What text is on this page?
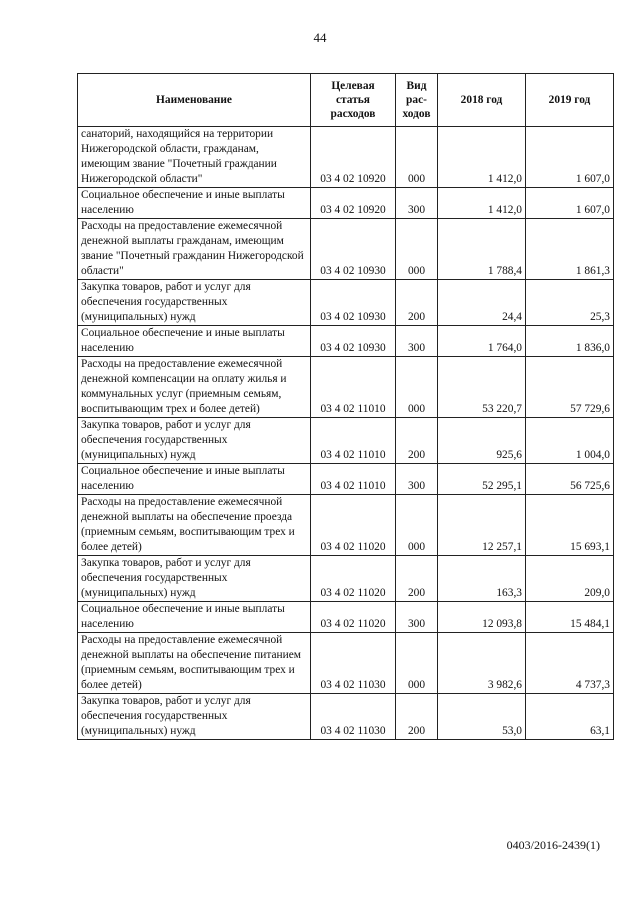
44
Наименование	Целевая статья расходов	Вид рас-ходов	2018 год	2019 год
санаторий, находящийся на территории Нижегородской области, гражданам, имеющим звание "Почетный граждании Нижегородской области"	03 4 02 10920	000	1 412,0	1 607,0
Социальное обеспечение и иные выплаты населению	03 4 02 10920	300	1 412,0	1 607,0
Расходы на предоставление ежемесячной денежной выплаты гражданам, имеющим звание "Почетный гражданин Нижегородской области"	03 4 02 10930	000	1 788,4	1 861,3
Закупка товаров, работ и услуг для обеспечения государственных (муниципальных) нужд	03 4 02 10930	200	24,4	25,3
Социальное обеспечение и иные выплаты населению	03 4 02 10930	300	1 764,0	1 836,0
Расходы на предоставление ежемесячной денежной компенсации на оплату жилья и коммунальных услуг (приемным семьям, воспитывающим трех и более детей)	03 4 02 11010	000	53 220,7	57 729,6
Закупка товаров, работ и услуг для обеспечения государственных (муниципальных) нужд	03 4 02 11010	200	925,6	1 004,0
Социальное обеспечение и иные выплаты населению	03 4 02 11010	300	52 295,1	56 725,6
Расходы на предоставление ежемесячной денежной выплаты на обеспечение проезда (приемным семьям, воспитывающим трех и более детей)	03 4 02 11020	000	12 257,1	15 693,1
Закупка товаров, работ и услуг для обеспечения государственных (муниципальных) нужд	03 4 02 11020	200	163,3	209,0
Социальное обеспечение и иные выплаты населению	03 4 02 11020	300	12 093,8	15 484,1
Расходы на предоставление ежемесячной денежной выплаты на обеспечение питанием (приемным семьям, воспитывающим трех и более детей)	03 4 02 11030	000	3 982,6	4 737,3
Закупка товаров, работ и услуг для обеспечения государственных (муниципальных) нужд	03 4 02 11030	200	53,0	63,1
0403/2016-2439(1)
